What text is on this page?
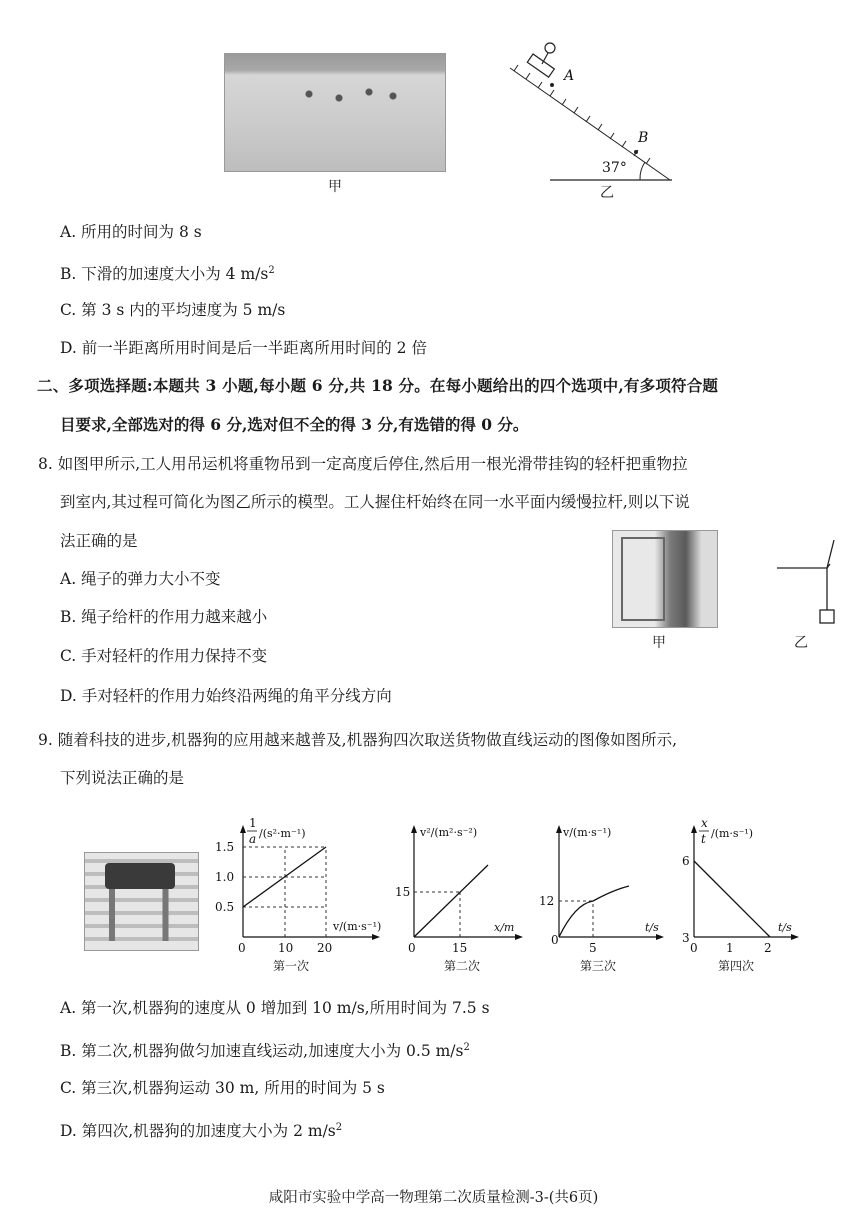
甲
A
B
37°
乙
A. 所用的时间为 8 s
B. 下滑的加速度大小为 4 $m/s^2$
C. 第 3 s 内的平均速度为 5 m/s
D. 前一半距离所用时间是后一半距离所用时间的 2 倍
二、多项选择题:本题共 3 小题,每小题 6 分,共 18 分。在每小题给出的四个选项中,有多项符合题
目要求,全部选对的得 6 分,选对但不全的得 3 分,有选错的得 0 分。
8. 如图甲所示,工人用吊运机将重物吊到一定高度后停住,然后用一根光滑带挂钩的轻杆把重物拉
到室内,其过程可简化为图乙所示的模型。工人握住杆始终在同一水平面内缓慢拉杆,则以下说
法正确的是
A. 绳子的弹力大小不变
B. 绳子给杆的作用力越来越小
C. 手对轻杆的作用力保持不变
D. 手对轻杆的作用力始终沿两绳的角平分线方向
甲	乙
9. 随着科技的进步,机器狗的应用越来越普及,机器狗四次取送货物做直线运动的图像如图所示,
下列说法正确的是
1
a /(s²·m⁻¹)
v/(m·s⁻¹)
0	10 20
0.5
1.0
1.5
第一次
v²/(m²·s⁻²)
x/m
0	15
15
第二次
v/(m·s⁻¹)
t/s
0
5
12
第三次
x
t /(m·s⁻¹)
t/s
0 1	2
3
6
第四次
A. 第一次,机器狗的速度从 0 增加到 10 m/s,所用时间为 7.5 s
B. 第二次,机器狗做匀加速直线运动,加速度大小为 0.5 $m/s^2$
C. 第三次,机器狗运动 30 m, 所用的时间为 5 s
D. 第四次,机器狗的加速度大小为 2 $m/s^2$
咸阳市实验中学高一物理第二次质量检测-3-(共6页)
